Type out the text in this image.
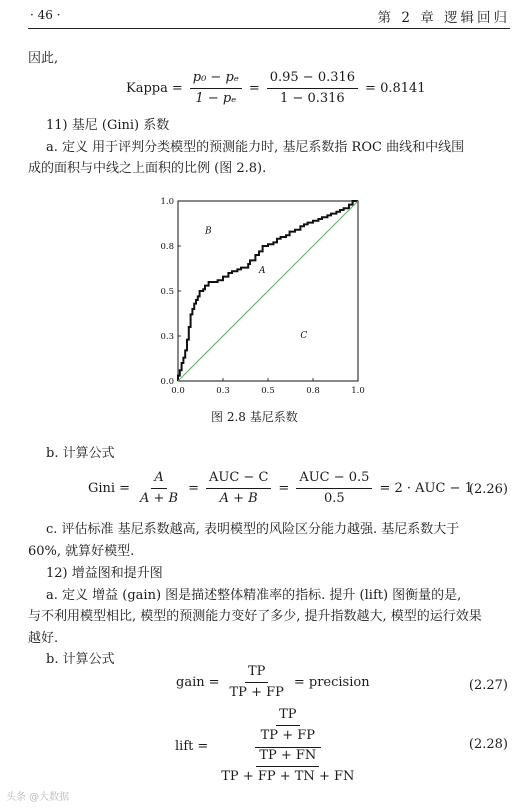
· 46 ·	第 2 章 逻辑回归
因此,
Kappa = $\frac{\text{p₀ − pₑ}}{\text{1 − pₑ}} = \frac{0.95 - 0.316}{1 - 0.316} = 0.8141$
11) 基尼 (Gini) 系数
a. 定义 用于评判分类模型的预测能力时, 基尼系数指 ROC 曲线和中线围
成的面积与中线之上面积的比例 (图 2.8).
0.0	0.3	0.5	0.8	1.0
0.0
0.3
0.5
0.8
1.0
B
A
C
图 2.8 基尼系数
b. 计算公式
Gini = $\frac{A}{A + B} = \frac{\text{AUC − C}}{A + B} = \frac{\text{AUC − 0.5}}{0.5} = 2$ · AUC − 1
(2.26)
c. 评估标准 基尼系数越高, 表明模型的风险区分能力越强. 基尼系数大于
60%, 就算好模型.
12) 增益图和提升图
a. 定义 增益 (gain) 图是描述整体精准率的指标. 提升 (lift) 图衡量的是,
与不利用模型相比, 模型的预测能力变好了多少, 提升指数越大, 模型的运行效果
越好.
b. 计算公式
gain = $\frac{TP}{TP + FP}$ = precision	(2.27)
lift = $\frac{\frac{TP}{TP + FP}}{\frac{TP + FN}{TP + FP + TN + FN}}$	(2.28)
头条 @大数据
